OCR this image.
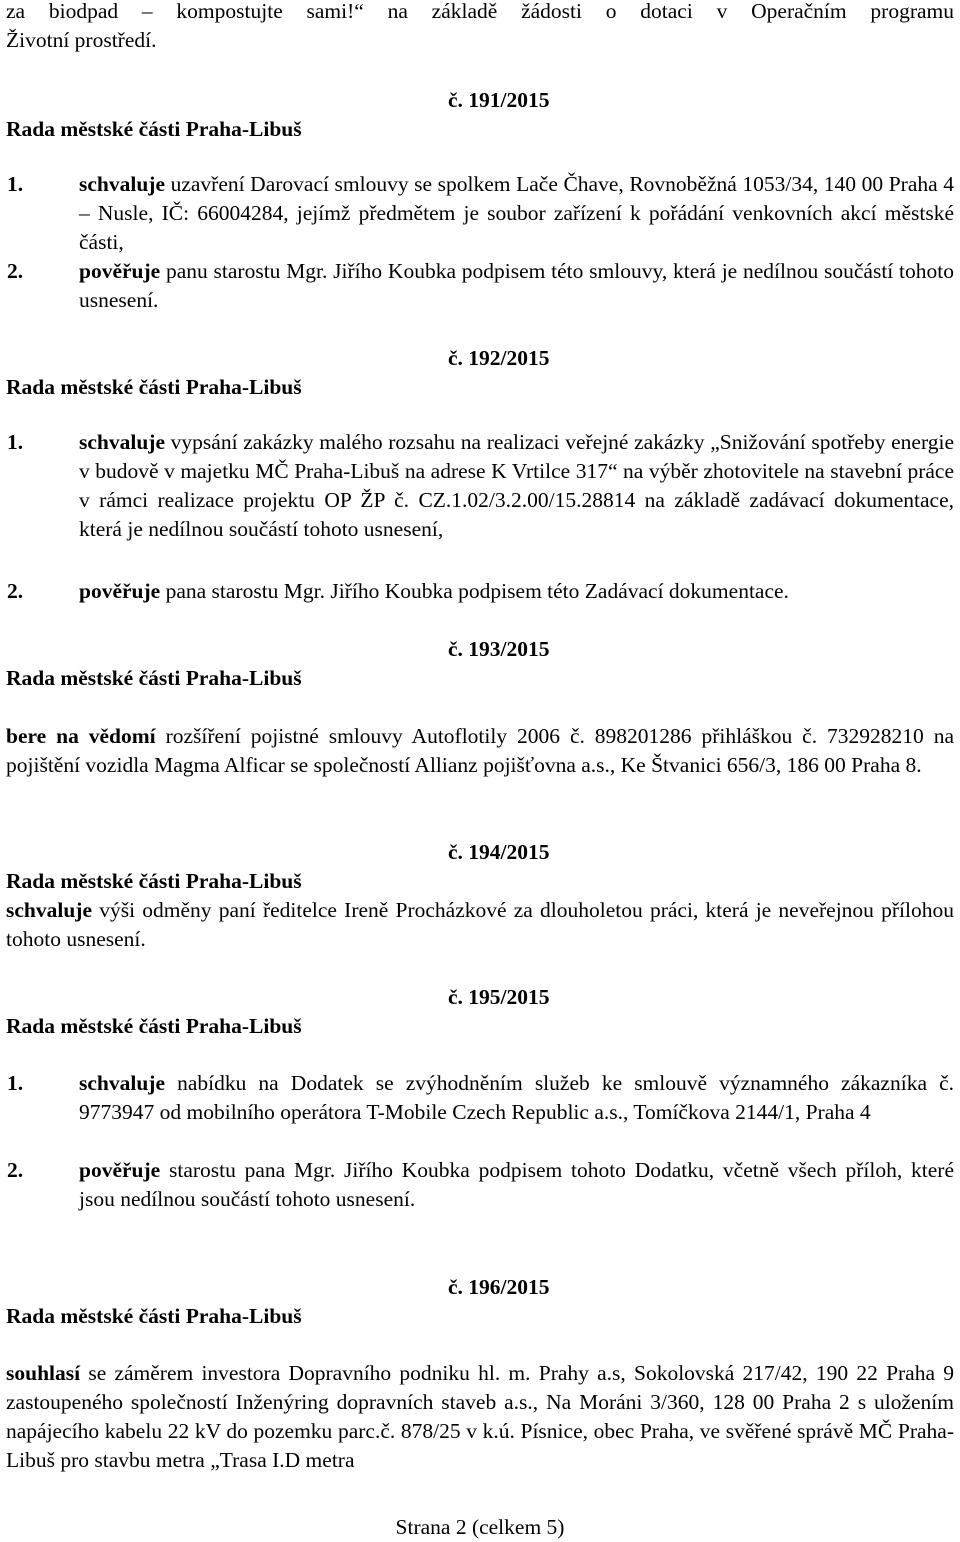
za biodpad – kompostujte sami!“ na základě žádosti o dotaci v Operačním programu
Životní prostředí.
č. 191/2015
Rada městské části Praha-Libuš
1.	schvaluje uzavření Darovací smlouvy se spolkem Lače Čhave, Rovnoběžná 1053/34, 140 00 Praha 4 – Nusle, IČ: 66004284, jejímž předmětem je soubor zařízení k pořádání venkovních akcí městské části,
2.	pověřuje panu starostu Mgr. Jiřího Koubka podpisem této smlouvy, která je nedílnou součástí tohoto usnesení.
č. 192/2015
Rada městské části Praha-Libuš
1.	schvaluje vypsání zakázky malého rozsahu na realizaci veřejné zakázky „Snižování spotřeby energie v budově v majetku MČ Praha-Libuš na adrese K Vrtilce 317“ na výběr zhotovitele na stavební práce v rámci realizace projektu OP ŽP č. CZ.1.02/3.2.00/15.28814 na základě zadávací dokumentace, která je nedílnou součástí tohoto usnesení,
2.	pověřuje pana starostu Mgr. Jiřího Koubka podpisem této Zadávací dokumentace.
č. 193/2015
Rada městské části Praha-Libuš
bere na vědomí rozšíření pojistné smlouvy Autoflotily 2006 č. 898201286 přihláškou č. 732928210 na pojištění vozidla Magma Alficar se společností Allianz pojišťovna a.s., Ke Štvanici 656/3, 186 00 Praha 8.
č. 194/2015
Rada městské části Praha-Libuš
schvaluje výši odměny paní ředitelce Ireně Procházkové za dlouholetou práci, která je neveřejnou přílohou tohoto usnesení.
č. 195/2015
Rada městské části Praha-Libuš
1.	schvaluje nabídku na Dodatek se zvýhodněním služeb ke smlouvě významného zákazníka č. 9773947 od mobilního operátora T-Mobile Czech Republic a.s., Tomíčkova 2144/1, Praha 4
2.	pověřuje starostu pana Mgr. Jiřího Koubka podpisem tohoto Dodatku, včetně všech příloh, které jsou nedílnou součástí tohoto usnesení.
č. 196/2015
Rada městské části Praha-Libuš
souhlasí se záměrem investora Dopravního podniku hl. m. Prahy a.s, Sokolovská 217/42, 190 22 Praha 9 zastoupeného společností Inženýring dopravních staveb a.s., Na Moráni 3/360, 128 00 Praha 2 s uložením napájecího kabelu 22 kV do pozemku parc.č. 878/25 v k.ú. Písnice, obec Praha, ve svěřené správě MČ Praha-Libuš pro stavbu metra „Trasa I.D metra
Strana 2 (celkem 5)
